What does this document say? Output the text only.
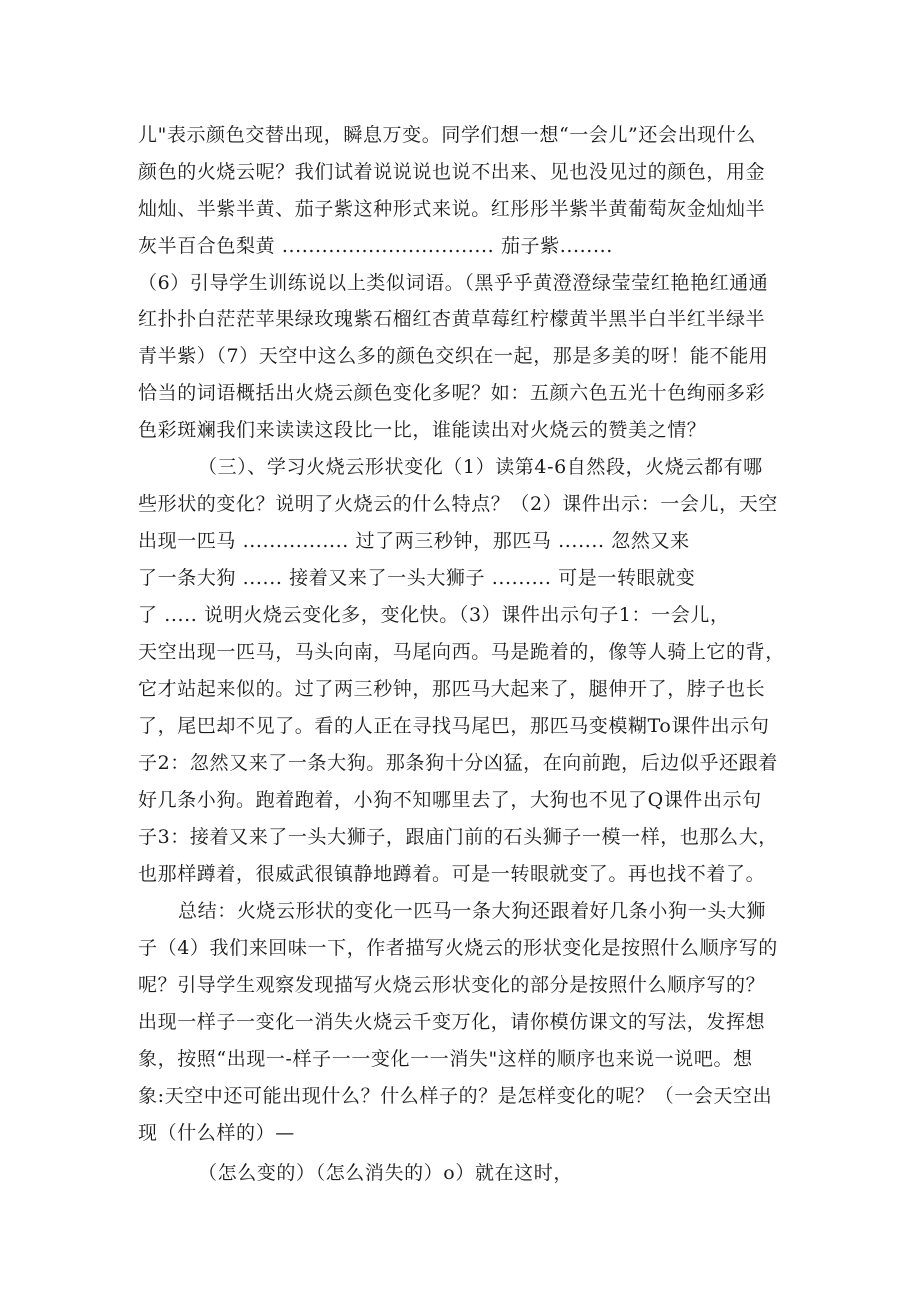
儿"表示颜色交替出现，瞬息万变。同学们想一想“一会儿”还会出现什么
颜色的火烧云呢？我们试着说说说也说不出来、见也没见过的颜色，用金
灿灿、半紫半黄、茄子紫这种形式来说。红彤彤半紫半黄葡萄灰金灿灿半
灰半百合色梨黄 ................................ 茄子紫........
（6）引导学生训练说以上类似词语。（黑乎乎黄澄澄绿莹莹红艳艳红通通
红扑扑白茫茫苹果绿玫瑰紫石榴红杏黄草莓红柠檬黄半黑半白半红半绿半
青半紫）（7）天空中这么多的颜色交织在一起，那是多美的呀！能不能用
恰当的词语概括出火烧云颜色变化多呢？如：五颜六色五光十色绚丽多彩
色彩斑斓我们来读读这段比一比，谁能读出对火烧云的赞美之情？
（三）、学习火烧云形状变化（1）读第4-6自然段，火烧云都有哪
些形状的变化？说明了火烧云的什么特点？（2）课件出示：一会儿，天空
出现一匹马 ................ 过了两三秒钟，那匹马 ....... 忽然又来
了一条大狗 ...... 接着又来了一头大狮子 ......... 可是一转眼就变
了 ..... 说明火烧云变化多，变化快。（3）课件出示句子1：一会儿，
天空出现一匹马，马头向南，马尾向西。马是跪着的，像等人骑上它的背，
它才站起来似的。过了两三秒钟，那匹马大起来了，腿伸开了，脖子也长
了，尾巴却不见了。看的人正在寻找马尾巴，那匹马变模糊To课件出示句
子2：忽然又来了一条大狗。那条狗十分凶猛，在向前跑，后边似乎还跟着
好几条小狗。跑着跑着，小狗不知哪里去了，大狗也不见了Q课件出示句
子3：接着又来了一头大狮子，跟庙门前的石头狮子一模一样，也那么大，
也那样蹲着，很威武很镇静地蹲着。可是一转眼就变了。再也找不着了。
总结：火烧云形状的变化一匹马一条大狗还跟着好几条小狗一头大狮
子（4）我们来回味一下，作者描写火烧云的形状变化是按照什么顺序写的
呢？引导学生观察发现描写火烧云形状变化的部分是按照什么顺序写的？
出现一样子一变化一消失火烧云千变万化，请你模仿课文的写法，发挥想
象，按照“出现一-样子一一变化一一消失"这样的顺序也来说一说吧。想
象:天空中还可能出现什么？什么样子的？是怎样变化的呢？（一会天空出
现（什么样的）—
（怎么变的）（怎么消失的）o）就在这时，
